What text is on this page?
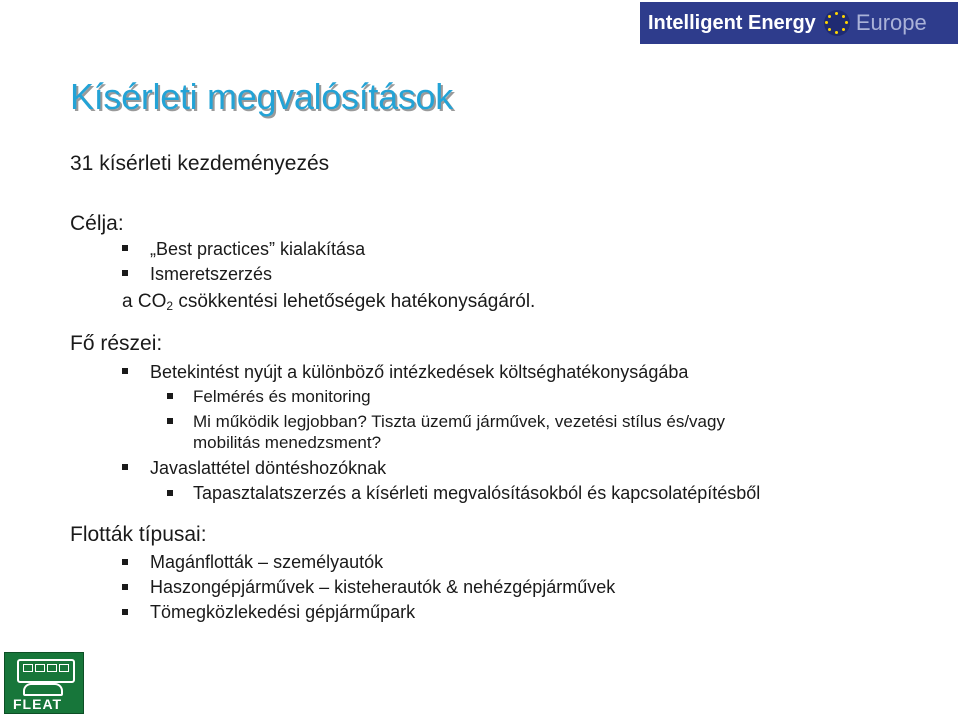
Intelligent Energy Europe
Kísérleti megvalósítások
31 kísérleti kezdeményezés
Célja:
„Best practices” kialakítása
Ismeretszerzés
a $CO_2$ csökkentési lehetőségek hatékonyságáról.
Fő részei:
Betekintést nyújt a különböző intézkedések költséghatékonyságába
Felmérés és monitoring
Mi működik legjobban? Tiszta üzemű járművek, vezetési stílus és/vagy
mobilitás menedzsment?
Javaslattétel döntéshozóknak
Tapasztalatszerzés a kísérleti megvalósításokból és kapcsolatépítésből
Flották típusai:
Magánflották – személyautók
Haszongépjárművek – kisteherautók & nehézgépjárművek
Tömegközlekedési gépjárműpark
FLEAT
